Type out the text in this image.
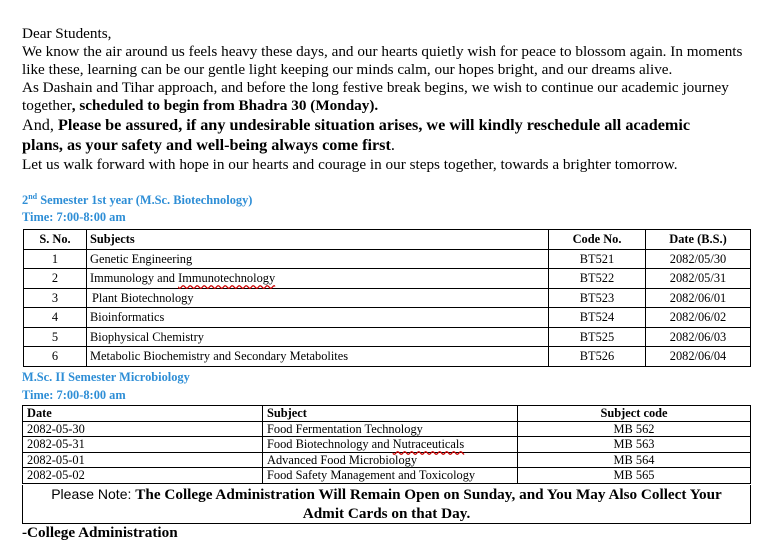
Dear Students,
We know the air around us feels heavy these days, and our hearts quietly wish for peace to blossom again. In moments
like these, learning can be our gentle light keeping our minds calm, our hopes bright, and our dreams alive.
As Dashain and Tihar approach, and before the long festive break begins, we wish to continue our academic journey
together, scheduled to begin from Bhadra 30 (Monday).
And, Please be assured, if any undesirable situation arises, we will kindly reschedule all academic
plans, as your safety and well-being always come first.
Let us walk forward with hope in our hearts and courage in our steps together, towards a brighter tomorrow.
2nd Semester 1st year (M.Sc. Biotechnology)
Time: 7:00-8:00 am
S. No.	Subjects	Code No.	Date (B.S.)
1	Genetic Engineering	BT521	2082/05/30
2	Immunology and Immunotechnology	BT522	2082/05/31
3	Plant Biotechnology	BT523	2082/06/01
4	Bioinformatics	BT524	2082/06/02
5	Biophysical Chemistry	BT525	2082/06/03
6	Metabolic Biochemistry and Secondary Metabolites	BT526	2082/06/04
M.Sc. II Semester Microbiology
Time: 7:00-8:00 am
Date	Subject	Subject code
2082-05-30	Food Fermentation Technology	MB 562
2082-05-31	Food Biotechnology and Nutraceuticals	MB 563
2082-05-01	Advanced Food Microbiology	MB 564
2082-05-02	Food Safety Management and Toxicology	MB 565
Please Note: The College Administration Will Remain Open on Sunday, and You May Also Collect Your
Admit Cards on that Day.
-College Administration
